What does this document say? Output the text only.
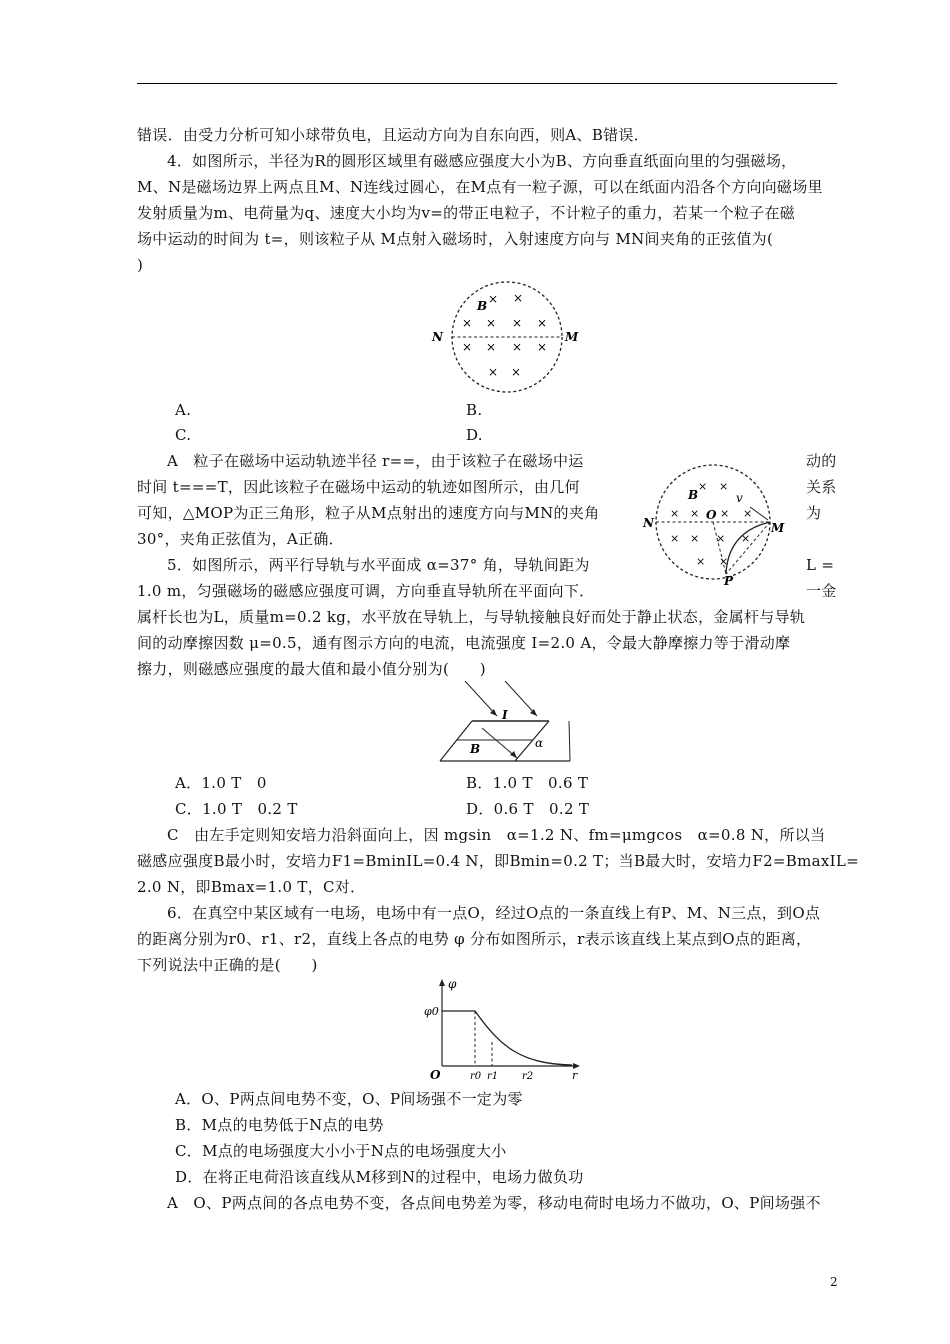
错误．由受力分析可知小球带负电，且运动方向为自东向西，则A、B错误．
4．如图所示，半径为R的圆形区域里有磁感应强度大小为B、方向垂直纸面向里的匀强磁场，
M、N是磁场边界上两点且M、N连线过圆心，在M点有一粒子源，可以在纸面内沿各个方向向磁场里
发射质量为m、电荷量为q、速度大小均为v=的带正电粒子，不计粒子的重力，若某一个粒子在磁
场中运动的时间为 t=，则该粒子从 M点射入磁场时，入射速度方向与 MN间夹角的正弦值为(
)
B
N	M
× ×
× × × ×
× × × ×
× ×
A.	B.
C.	D.
A　粒子在磁场中运动轨迹半径 r==，由于该粒子在磁场中运	动的
时间 t===T，因此该粒子在磁场中运动的轨迹如图所示，由几何	关系
可知，△MOP为正三角形，粒子从M点射出的速度方向与MN的夹角	为
30°，夹角正弦值为，A正确．
B	v
O
N	M
P
× ×
× × × ×
× × × ×
× ×
5．如图所示，两平行导轨与水平面成 α=37° 角，导轨间距为	L =
1.0 m，匀强磁场的磁感应强度可调，方向垂直导轨所在平面向下．	一金
属杆长也为L，质量m=0.2 kg，水平放在导轨上，与导轨接触良好而处于静止状态，金属杆与导轨
间的动摩擦因数 μ=0.5，通有图示方向的电流，电流强度 I=2.0 A，令最大静摩擦力等于滑动摩
擦力，则磁感应强度的最大值和最小值分别为(　　)
I
B	α
A．1.0 T　0	B．1.0 T　0.6 T
C．1.0 T　0.2 T	D．0.6 T　0.2 T
C　由左手定则知安培力沿斜面向上，因 mgsin　α=1.2 N、fm=μmgcos　α=0.8 N，所以当
磁感应强度B最小时，安培力F1=BminIL=0.4 N，即Bmin=0.2 T；当B最大时，安培力F2=BmaxIL=
2.0 N，即Bmax=1.0 T，C对．
6．在真空中某区域有一电场，电场中有一点O，经过O点的一条直线上有P、M、N三点，到O点
的距离分别为r0、r1、r2，直线上各点的电势 φ 分布如图所示，r表示该直线上某点到O点的距离，
下列说法中正确的是(　　)
φ
φ0
O	r0 r1 r2	r
A．O、P两点间电势不变，O、P间场强不一定为零
B．M点的电势低于N点的电势
C．M点的电场强度大小小于N点的电场强度大小
D．在将正电荷沿该直线从M移到N的过程中，电场力做负功
A　O、P两点间的各点电势不变，各点间电势差为零，移动电荷时电场力不做功，O、P间场强不
2
